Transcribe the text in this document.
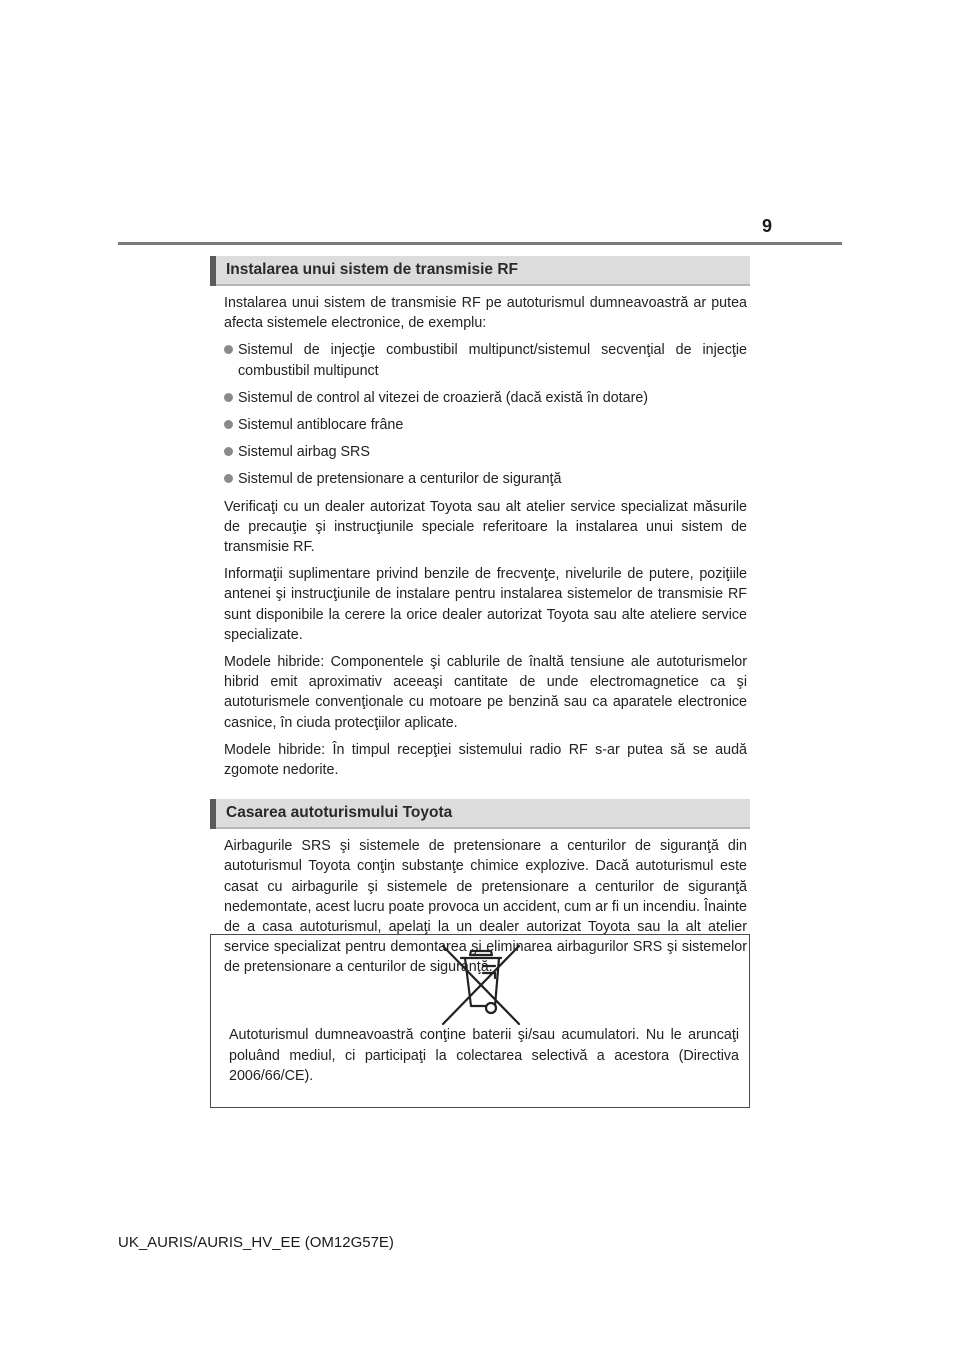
9
Instalarea unui sistem de transmisie RF

Instalarea unui sistem de transmisie RF pe autoturismul dumneavoastră ar putea afecta sistemele electronice, de exemplu:

Sistemul de injecţie combustibil multipunct/sistemul secvenţial de injecţie combustibil multipunct
Sistemul de control al vitezei de croazieră (dacă există în dotare)
Sistemul antiblocare frâne
Sistemul airbag SRS
Sistemul de pretensionare a centurilor de siguranţă

Verificaţi cu un dealer autorizat Toyota sau alt atelier service specializat măsurile de precauţie şi instrucţiunile speciale referitoare la instalarea unui sistem de transmisie RF.

Informaţii suplimentare privind benzile de frecvenţe, nivelurile de putere, poziţiile antenei şi instrucţiunile de instalare pentru instalarea sistemelor de transmisie RF sunt disponibile la cerere la orice dealer autorizat Toyota sau alte ateliere service specializate.

Modele hibride: Componentele şi cablurile de înaltă tensiune ale autoturismelor hibrid emit aproximativ aceeaşi cantitate de unde electromagnetice ca şi autoturismele convenţionale cu motoare pe benzină sau ca aparatele electronice casnice, în ciuda protecţiilor aplicate.

Modele hibride: În timpul recepţiei sistemului radio RF s-ar putea să se audă zgomote nedorite.

Casarea autoturismului Toyota

Airbagurile SRS şi sistemele de pretensionare a centurilor de siguranţă din autoturismul Toyota conţin substanţe chimice explozive. Dacă autoturismul este casat cu airbagurile şi sistemele de pretensionare a centurilor de siguranţă nedemontate, acest lucru poate provoca un accident, cum ar fi un incendiu. Înainte de a casa autoturismul, apelaţi la un dealer autorizat Toyota sau la alt atelier service specializat pentru demontarea şi eliminarea airbagurilor SRS şi sistemelor de pretensionare a centurilor de siguranţă.

Autoturismul dumneavoastră conţine baterii şi/sau acumulatori. Nu le aruncaţi poluând mediul, ci participaţi la colectarea selectivă a acestora (Directiva 2006/66/CE).
UK_AURIS/AURIS_HV_EE (OM12G57E)
